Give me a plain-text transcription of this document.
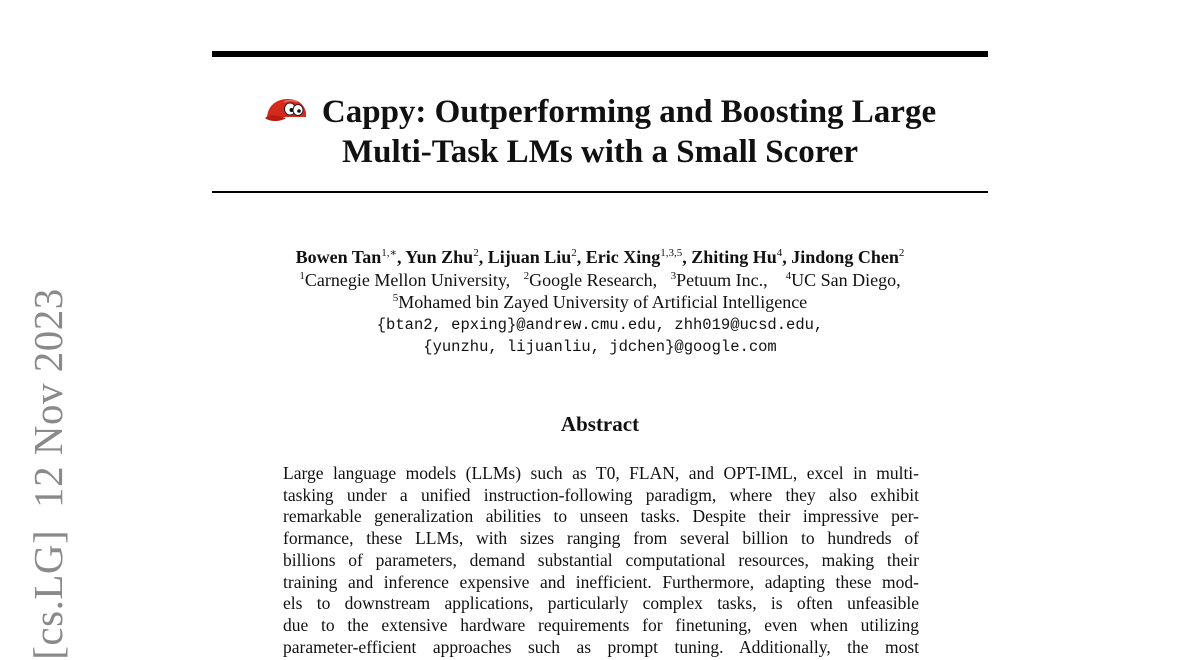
[cs.LG]12 Nov 2023
Cappy: Outperforming and Boosting Large
Multi-Task LMs with a Small Scorer
Bowen Tan$^{1,∗}$, Yun Zhu$^2$, Lijuan Liu$^2$, Eric Xing$^{1,3,5}$, Zhiting Hu$^4$, Jindong Chen$^2$
$^1$Carnegie Mellon University, $^2$Google Research, $^3$Petuum Inc., $^4$UC San Diego,
$^5$Mohamed bin Zayed University of Artificial Intelligence
{btan2, epxing}@andrew.cmu.edu, zhh019@ucsd.edu,
{yunzhu, lijuanliu, jdchen}@google.com
Abstract
Large language models (LLMs) such as T0, FLAN, and OPT-IML, excel in multi-
tasking under a unified instruction-following paradigm, where they also exhibit
remarkable generalization abilities to unseen tasks. Despite their impressive per-
formance, these LLMs, with sizes ranging from several billion to hundreds of
billions of parameters, demand substantial computational resources, making their
training and inference expensive and inefficient. Furthermore, adapting these mod-
els to downstream applications, particularly complex tasks, is often unfeasible
due to the extensive hardware requirements for finetuning, even when utilizing
parameter-efficient approaches such as prompt tuning. Additionally, the most
